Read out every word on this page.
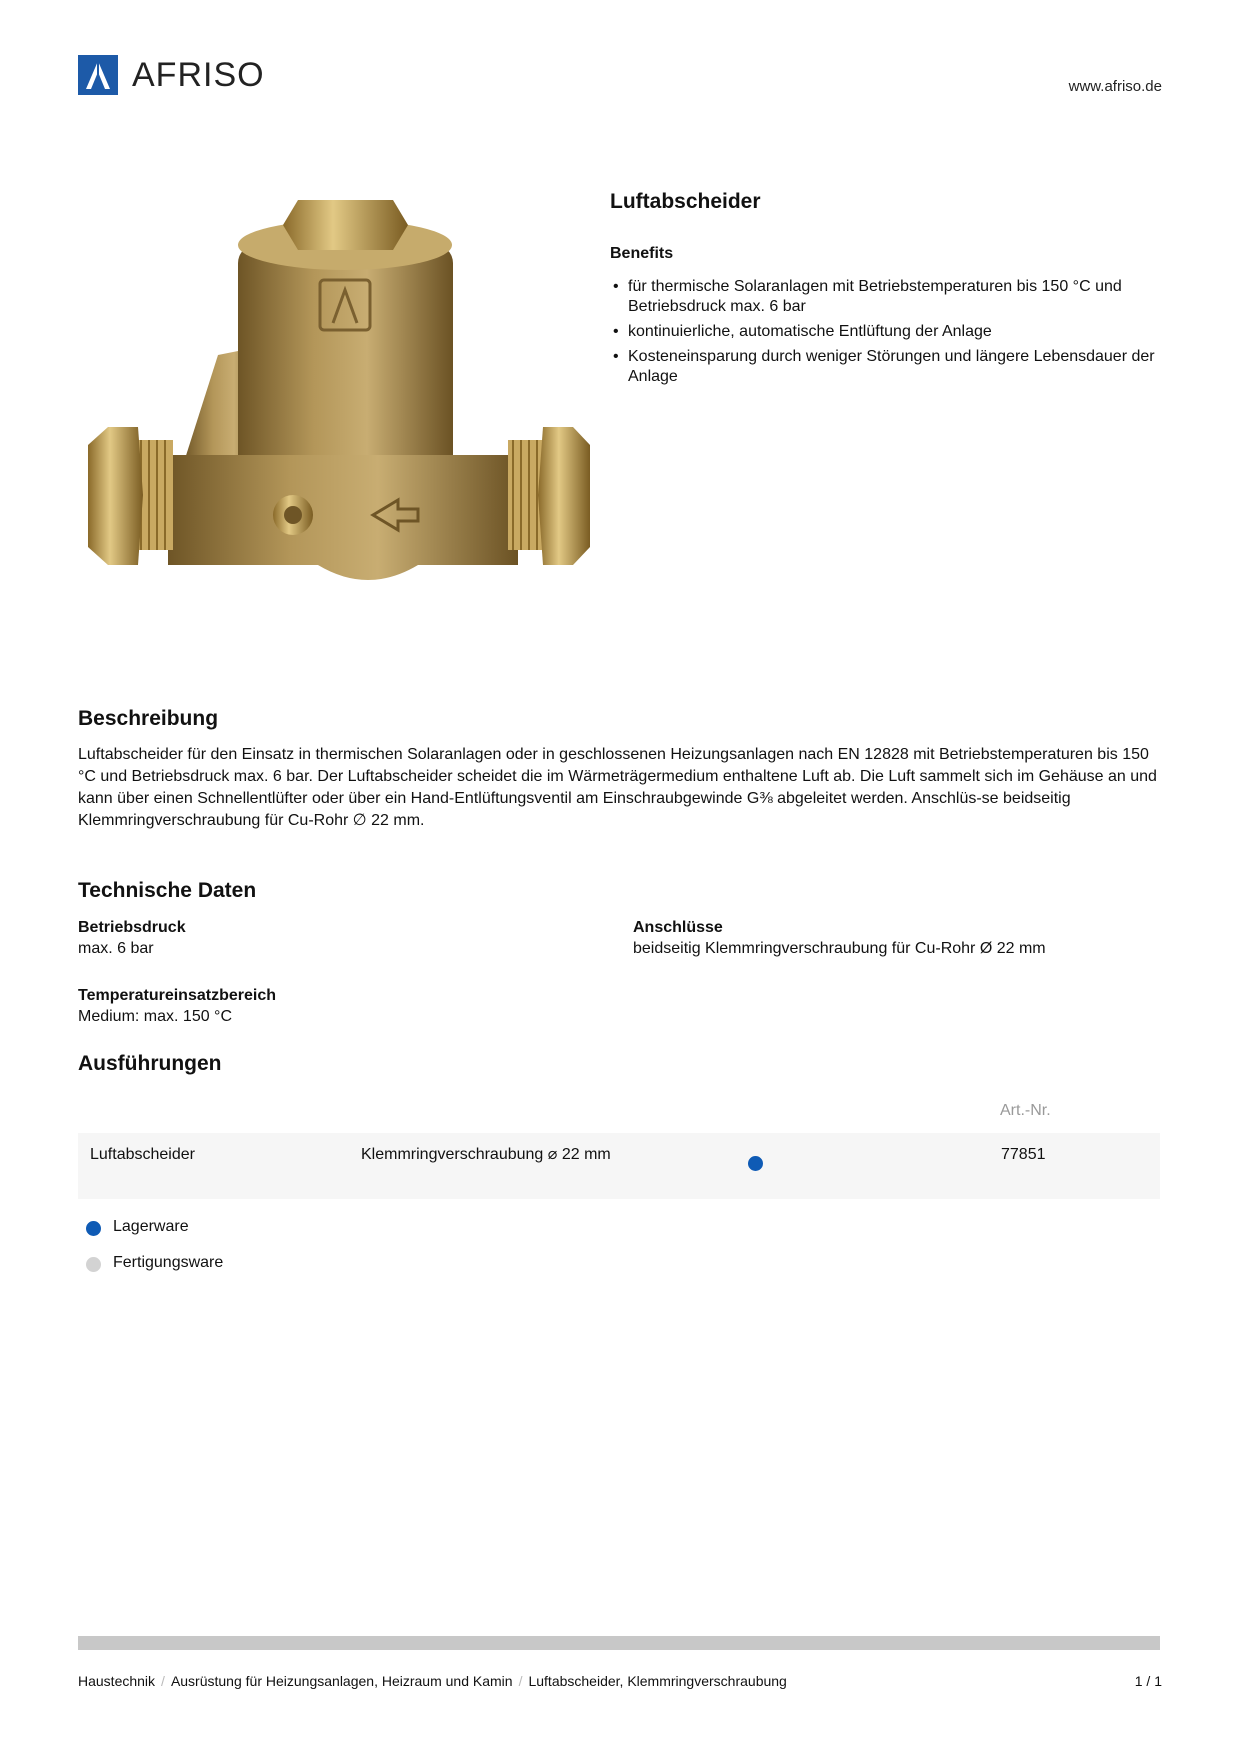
AFRISO	www.afriso.de
Luftabscheider
Benefits
• für thermische Solaranlagen mit Betriebstemperaturen bis 150 °C und Betriebsdruck max. 6 bar
• kontinuierliche, automatische Entlüftung der Anlage
• Kosteneinsparung durch weniger Störungen und längere Lebensdauer der Anlage
Beschreibung
Luftabscheider für den Einsatz in thermischen Solaranlagen oder in geschlossenen Heizungsanlagen nach EN 12828 mit Betriebstemperaturen bis 150 °C und Betriebsdruck max. 6 bar. Der Luftabscheider scheidet die im Wärmeträgermedium enthaltene Luft ab. Die Luft sammelt sich im Gehäuse an und kann über einen Schnellentlüfter oder über ein Hand-Entlüftungsventil am Einschraubgewinde G⅜ abgeleitet werden. Anschlüs-se beidseitig Klemmringverschraubung für Cu-Rohr ∅ 22 mm.
Technische Daten
Betriebsdruck
max. 6 bar
Anschlüsse
beidseitig Klemmringverschraubung für Cu-Rohr Ø 22 mm
Temperatureinsatzbereich
Medium: max. 150 °C
Ausführungen
Art.-Nr.
Luftabscheider	Klemmringverschraubung ⌀ 22 mm	77851
Lagerware
Fertigungsware
Haustechnik / Ausrüstung für Heizungsanlagen, Heizraum und Kamin / Luftabscheider, Klemmringverschraubung	1 / 1
